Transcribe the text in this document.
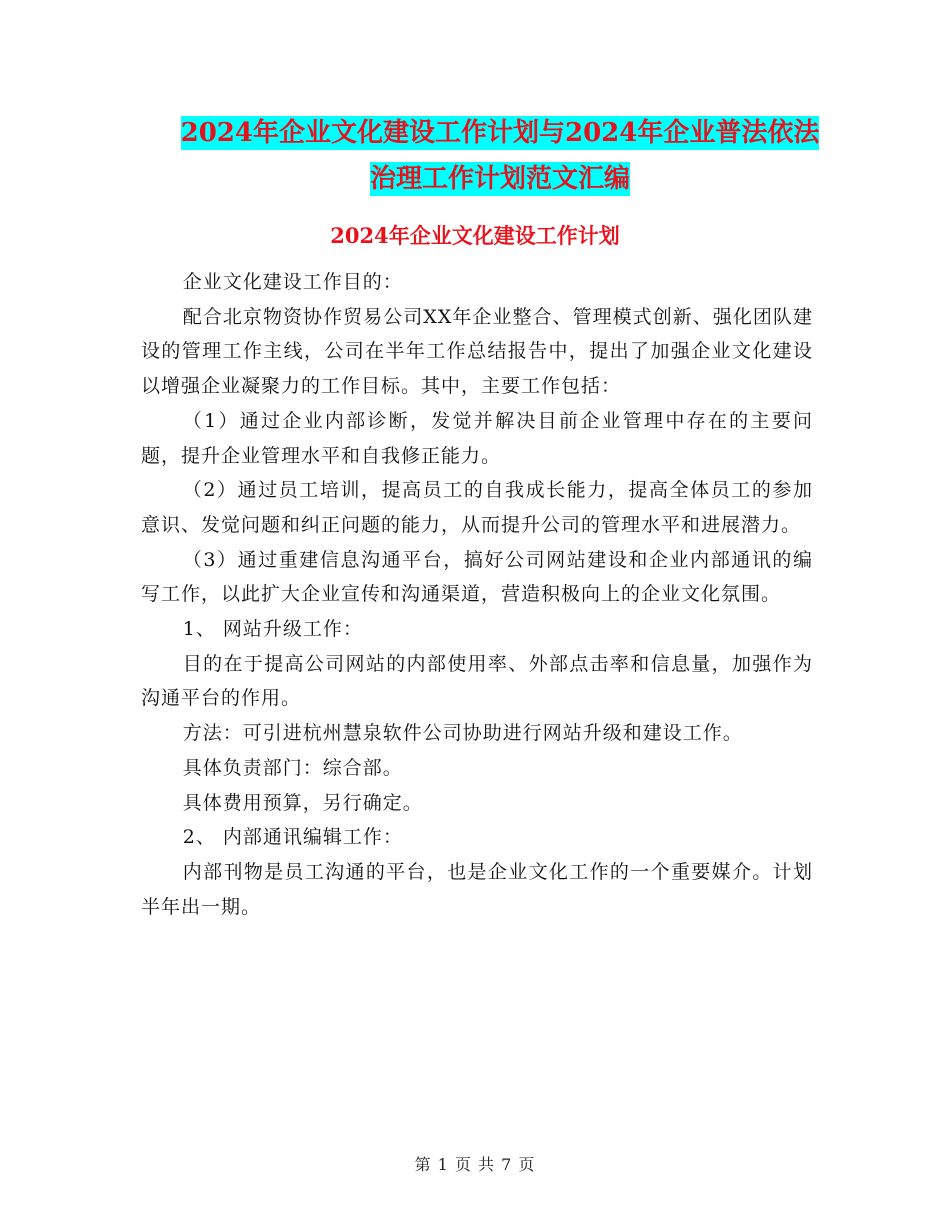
2024年企业文化建设工作计划与2024年企业普法依法
治理工作计划范文汇编
2024年企业文化建设工作计划

企业文化建设工作目的：

配合北京物资协作贸易公司XX年企业整合、管理模式创新、强化团队建设的管理工作主线，公司在半年工作总结报告中，提出了加强企业文化建设以增强企业凝聚力的工作目标。其中，主要工作包括：

（1）通过企业内部诊断，发觉并解决目前企业管理中存在的主要问题，提升企业管理水平和自我修正能力。

（2）通过员工培训，提高员工的自我成长能力，提高全体员工的参加意识、发觉问题和纠正问题的能力，从而提升公司的管理水平和进展潜力。

（3）通过重建信息沟通平台，搞好公司网站建设和企业内部通讯的编写工作，以此扩大企业宣传和沟通渠道，营造积极向上的企业文化氛围。

1、 网站升级工作：

目的在于提高公司网站的内部使用率、外部点击率和信息量，加强作为沟通平台的作用。

方法：可引进杭州慧泉软件公司协助进行网站升级和建设工作。

具体负责部门：综合部。

具体费用预算，另行确定。

2、 内部通讯编辑工作：

内部刊物是员工沟通的平台，也是企业文化工作的一个重要媒介。计划半年出一期。

第 1 页 共 7 页
